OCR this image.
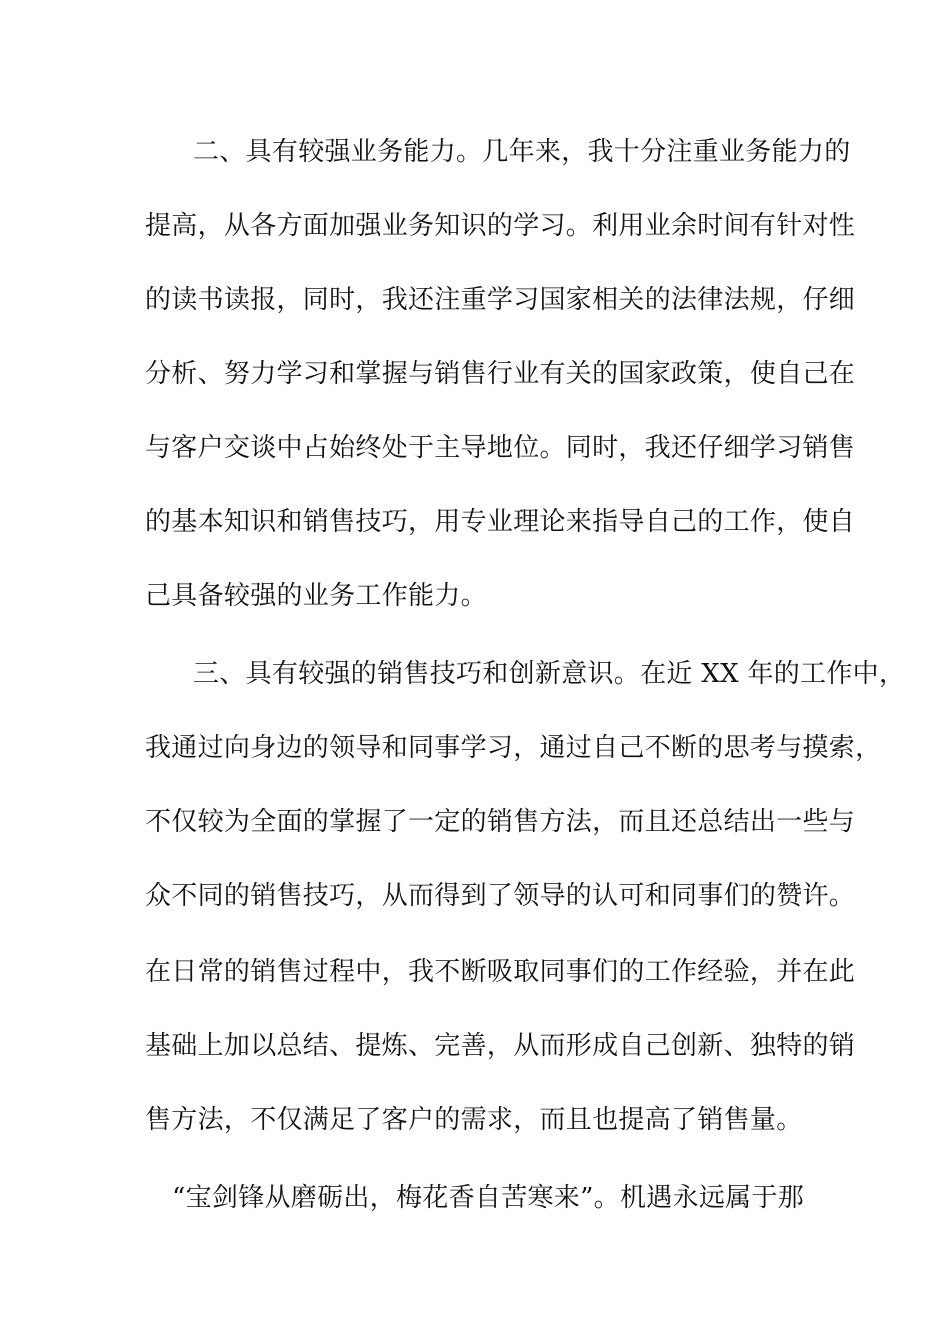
二、具有较强业务能力。几年来，我十分注重业务能力的
提高，从各方面加强业务知识的学习。利用业余时间有针对性
的读书读报，同时，我还注重学习国家相关的法律法规，仔细
分析、努力学习和掌握与销售行业有关的国家政策，使自己在
与客户交谈中占始终处于主导地位。同时，我还仔细学习销售
的基本知识和销售技巧，用专业理论来指导自己的工作，使自
己具备较强的业务工作能力。
三、具有较强的销售技巧和创新意识。在近 XX 年的工作中，
我通过向身边的领导和同事学习，通过自己不断的思考与摸索，
不仅较为全面的掌握了一定的销售方法，而且还总结出一些与
众不同的销售技巧，从而得到了领导的认可和同事们的赞许。
在日常的销售过程中，我不断吸取同事们的工作经验，并在此
基础上加以总结、提炼、完善，从而形成自己创新、独特的销
售方法，不仅满足了客户的需求，而且也提高了销售量。
“宝剑锋从磨砺出，梅花香自苦寒来”。机遇永远属于那
